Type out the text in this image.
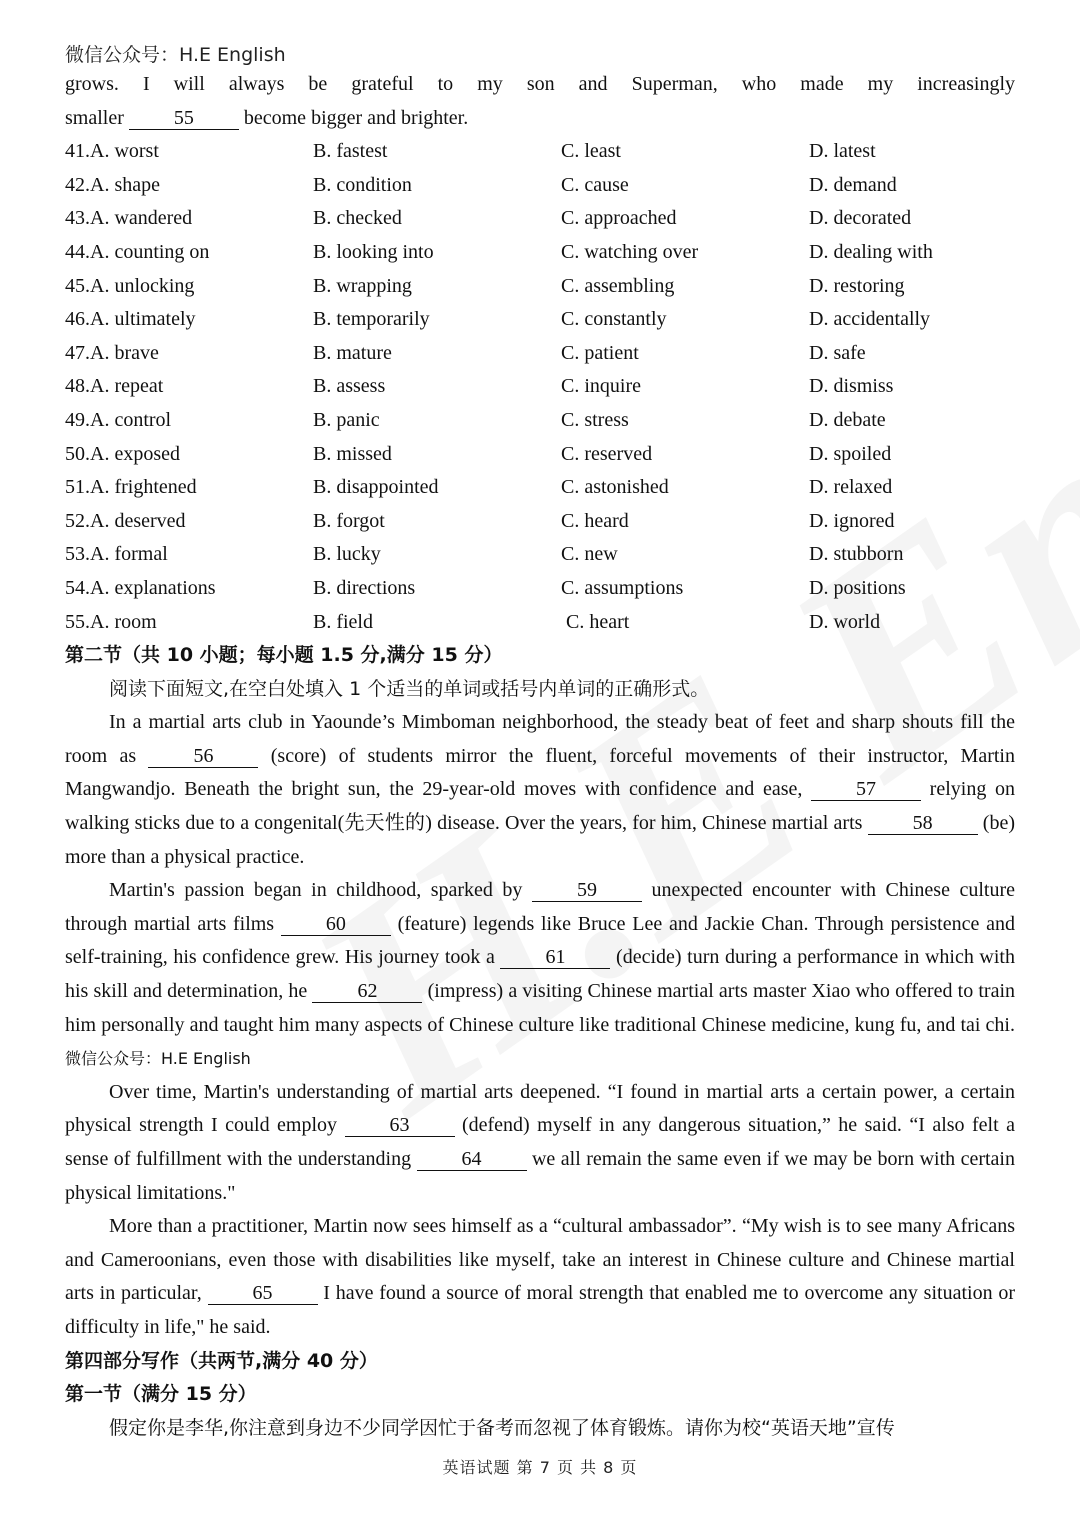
微信公众号：H.E English

grows. I will always be grateful to my son and Superman, who made my increasingly

smaller 55 become bigger and brighter.

41.A. worst	B. fastest	C. least	D. latest
42.A. shape	B. condition	C. cause	D. demand
43.A. wandered	B. checked	C. approached	D. decorated
44.A. counting on	B. looking into	C. watching over	D. dealing with
45.A. unlocking	B. wrapping	C. assembling	D. restoring
46.A. ultimately	B. temporarily	C. constantly	D. accidentally
47.A. brave	B. mature	C. patient	D. safe
48.A. repeat	B. assess	C. inquire	D. dismiss
49.A. control	B. panic	C. stress	D. debate
50.A. exposed	B. missed	C. reserved	D. spoiled
51.A. frightened	B. disappointed	C. astonished	D. relaxed
52.A. deserved	B. forgot	C. heard	D. ignored
53.A. formal	B. lucky	C. new	D. stubborn
54.A. explanations	B. directions	C. assumptions	D. positions
55.A. room	B. field	C. heart	D. world

第二节（共 10 小题；每小题 1.5 分,满分 15 分）

阅读下面短文,在空白处填入 1 个适当的单词或括号内单词的正确形式。

In a martial arts club in Yaounde’s Mimboman neighborhood, the steady beat of feet and sharp shouts fill the room as 56 (score) of students mirror the fluent, forceful movements of their instructor, Martin Mangwandjo. Beneath the bright sun, the 29-year-old moves with confidence and ease, 57 relying on walking sticks due to a congenital(先天性的) disease. Over the years, for him, Chinese martial arts 58 (be) more than a physical practice.

Martin's passion began in childhood, sparked by 59 unexpected encounter with Chinese culture through martial arts films 60 (feature) legends like Bruce Lee and Jackie Chan. Through persistence and self-training, his confidence grew. His journey took a 61 (decide) turn during a performance in which with his skill and determination, he 62 (impress) a visiting Chinese martial arts master Xiao who offered to train him personally and taught him many aspects of Chinese culture like traditional Chinese medicine, kung fu, and tai chi.微信公众号：H.E English

Over time, Martin's understanding of martial arts deepened. “I found in martial arts a certain power, a certain physical strength I could employ 63 (defend) myself in any dangerous situation,” he said. “I also felt a sense of fulfillment with the understanding 64 we all remain the same even if we may be born with certain physical limitations."

More than a practitioner, Martin now sees himself as a “cultural ambassador”. “My wish is to see many Africans and Cameroonians, even those with disabilities like myself, take an interest in Chinese culture and Chinese martial arts in particular, 65 I have found a source of moral strength that enabled me to overcome any situation or difficulty in life," he said.

第四部分写作（共两节,满分 40 分）

第一节（满分 15 分）

假定你是李华,你注意到身边不少同学因忙于备考而忽视了体育锻炼。请你为校“英语天地”宣传

英语试题 第 7 页 共 8 页
